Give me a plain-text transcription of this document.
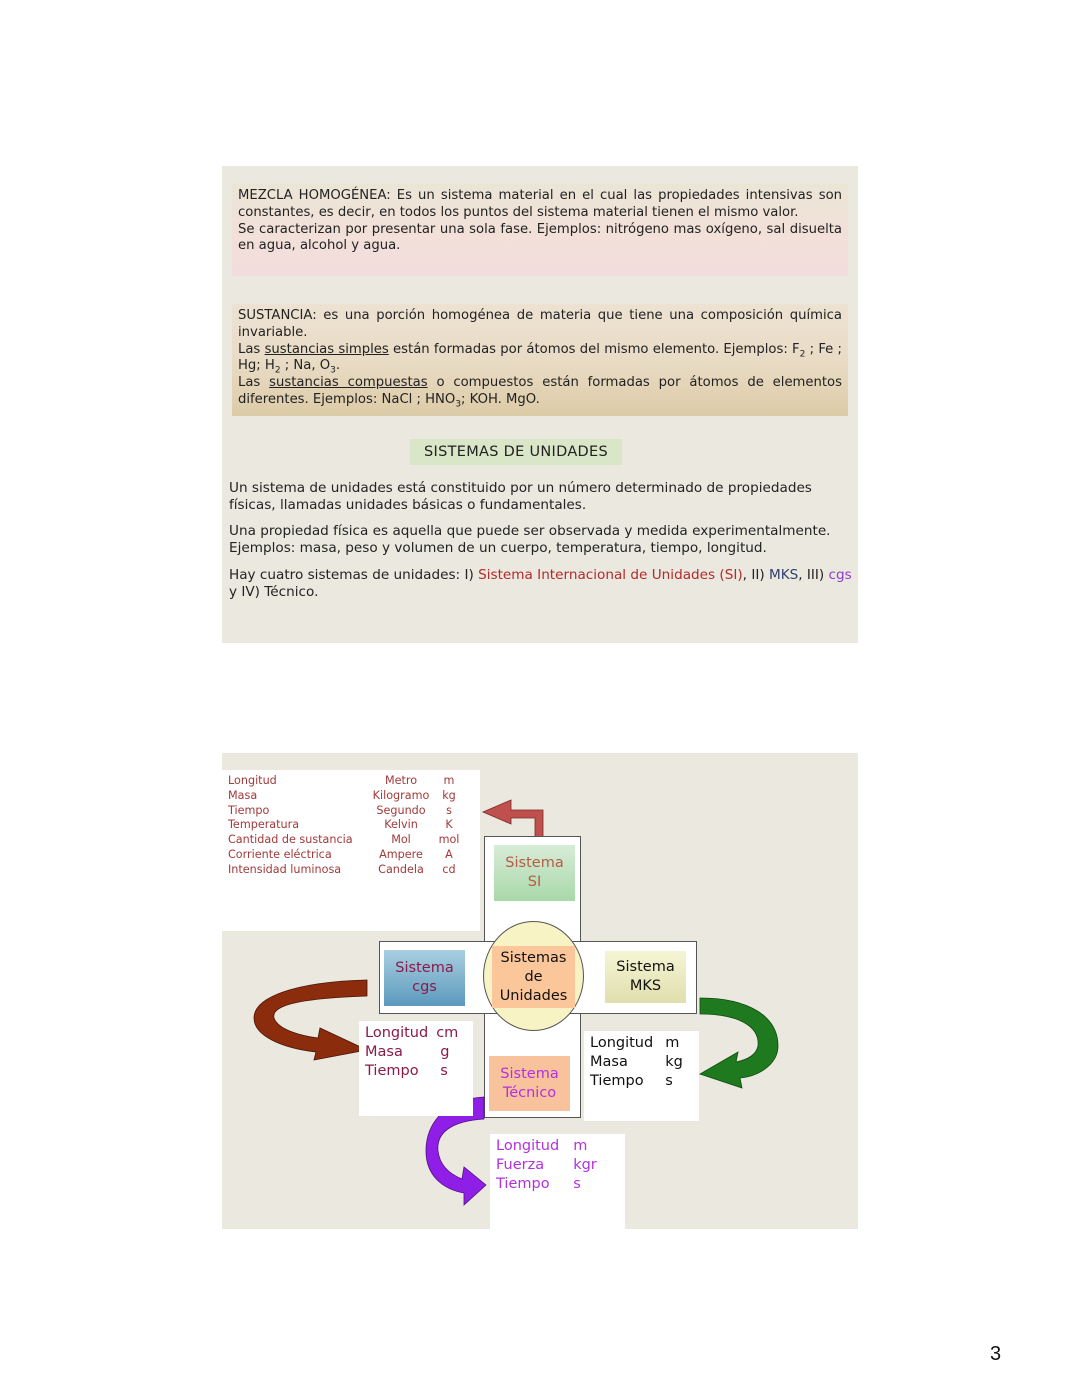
MEZCLA HOMOGÉNEA: Es un sistema material en el cual las propiedades intensivas son constantes, es decir, en todos los puntos del sistema material tienen el mismo valor.
Se caracterizan por presentar una sola fase. Ejemplos: nitrógeno mas oxígeno, sal disuelta en agua, alcohol y agua.
SUSTANCIA: es una porción homogénea de materia que tiene una composición química invariable.
Las sustancias simples están formadas por átomos del mismo elemento. Ejemplos: $F_2$ ; Fe ; Hg; $H_2$ ; Na, $O_3$.
Las sustancias compuestas o compuestos están formadas por átomos de elementos diferentes. Ejemplos: NaCl ; $HNO_3$; KOH. MgO.
SISTEMAS DE UNIDADES
Un sistema de unidades está constituido por un número determinado de propiedades físicas, llamadas unidades básicas o fundamentales.
Una propiedad física es aquella que puede ser observada y medida experimentalmente. Ejemplos: masa, peso y volumen de un cuerpo, temperatura, tiempo, longitud.
Hay cuatro sistemas de unidades: I) Sistema Internacional de Unidades (SI), II) MKS, III) cgs y IV) Técnico.
Longitud	Metro	m
Masa	Kilogramo	kg
Tiempo	Segundo	s
Temperatura	Kelvin	K
Cantidad de sustancia	Mol	mol
Corriente eléctrica	Ampere	A
Intensidad luminosa	Candela	cd	Sistema
SI
Sistema
cgs
Sistema
MKS
Sistemas
de
Unidades
Sistema
Técnico
Longitud	cm
Masa	g
Tiempo	s
Longitud	m
Masa	kg
Tiempo	s
Longitud	m
Fuerza	kgr
Tiempo	s
3
